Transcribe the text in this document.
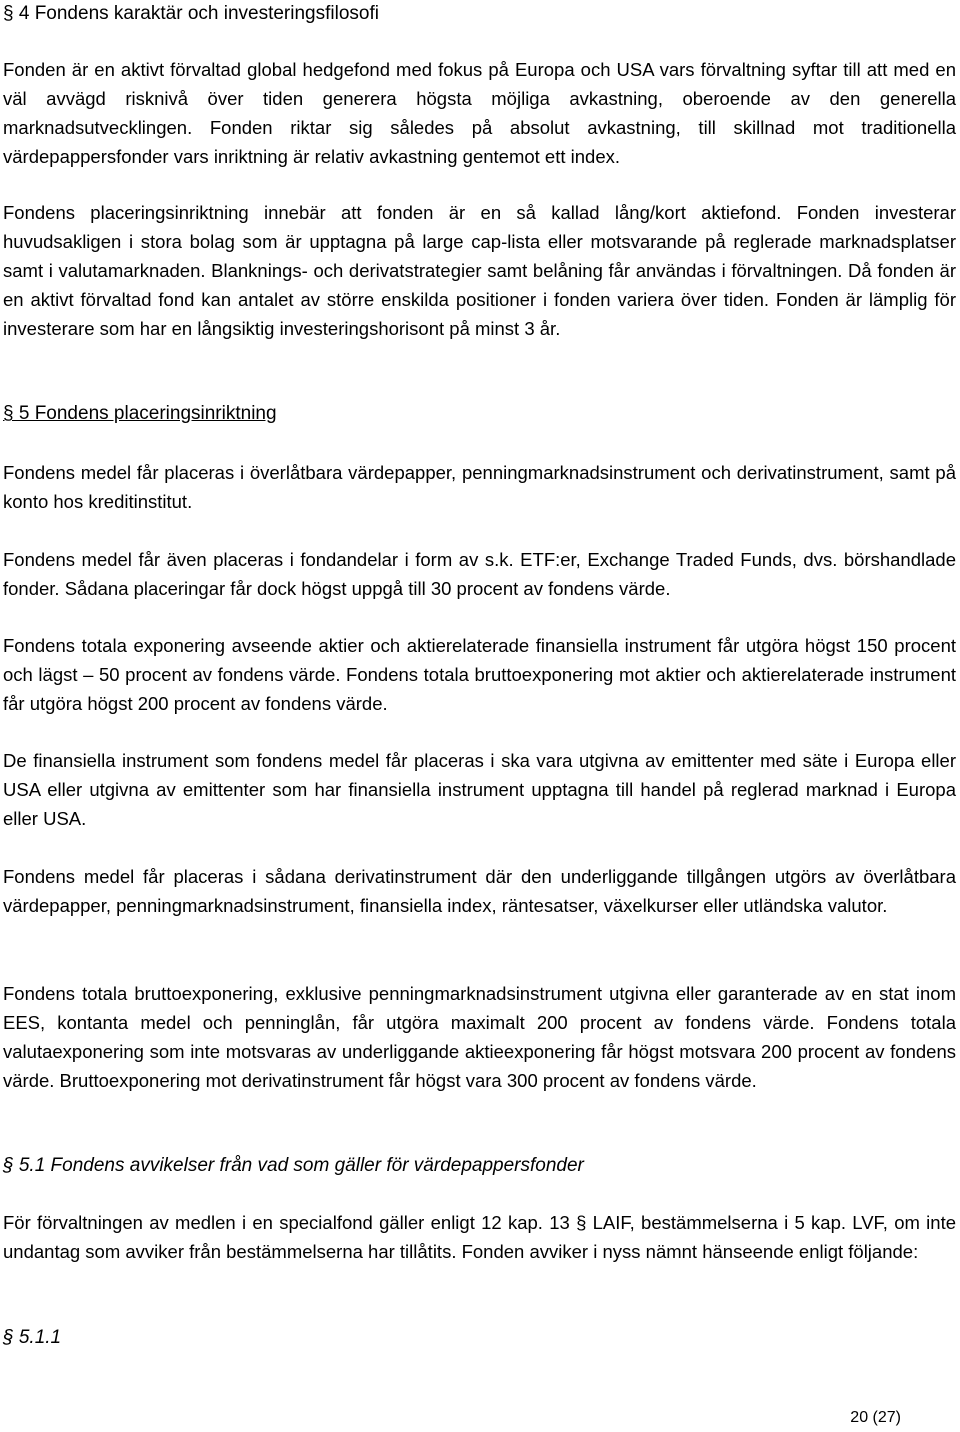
§ 4 Fondens karaktär och investeringsfilosofi

Fonden är en aktivt förvaltad global hedgefond med fokus på Europa och USA vars förvaltning syftar till att med en väl avvägd risknivå över tiden generera högsta möjliga avkastning, oberoende av den generella marknadsutvecklingen. Fonden riktar sig således på absolut avkastning, till skillnad mot traditionella värdepappersfonder vars inriktning är relativ avkastning gentemot ett index.

Fondens placeringsinriktning innebär att fonden är en så kallad lång/kort aktiefond. Fonden investerar huvudsakligen i stora bolag som är upptagna på large cap-lista eller motsvarande på reglerade marknadsplatser samt i valutamarknaden. Blanknings- och derivatstrategier samt belåning får användas i förvaltningen. Då fonden är en aktivt förvaltad fond kan antalet av större enskilda positioner i fonden variera över tiden. Fonden är lämplig för investerare som har en långsiktig investeringshorisont på minst 3 år.

§ 5 Fondens placeringsinriktning

Fondens medel får placeras i överlåtbara värdepapper, penningmarknadsinstrument och derivatinstrument, samt på konto hos kreditinstitut.

Fondens medel får även placeras i fondandelar i form av s.k. ETF:er, Exchange Traded Funds, dvs. börshandlade fonder. Sådana placeringar får dock högst uppgå till 30 procent av fondens värde.

Fondens totala exponering avseende aktier och aktierelaterade finansiella instrument får utgöra högst 150 procent och lägst – 50 procent av fondens värde. Fondens totala bruttoexponering mot aktier och aktierelaterade instrument får utgöra högst 200 procent av fondens värde.

De finansiella instrument som fondens medel får placeras i ska vara utgivna av emittenter med säte i Europa eller USA eller utgivna av emittenter som har finansiella instrument upptagna till handel på reglerad marknad i Europa eller USA.

Fondens medel får placeras i sådana derivatinstrument där den underliggande tillgången utgörs av överlåtbara värdepapper, penningmarknadsinstrument, finansiella index, räntesatser, växelkurser eller utländska valutor.

Fondens totala bruttoexponering, exklusive penningmarknadsinstrument utgivna eller garanterade av en stat inom EES, kontanta medel och penninglån, får utgöra maximalt 200 procent av fondens värde. Fondens totala valutaexponering som inte motsvaras av underliggande aktieexponering får högst motsvara 200 procent av fondens värde. Bruttoexponering mot derivatinstrument får högst vara 300 procent av fondens värde.

§ 5.1 Fondens avvikelser från vad som gäller för värdepappersfonder

För förvaltningen av medlen i en specialfond gäller enligt 12 kap. 13 § LAIF, bestämmelserna i 5 kap. LVF, om inte undantag som avviker från bestämmelserna har tillåtits. Fonden avviker i nyss nämnt hänseende enligt följande:

§ 5.1.1
20 (27)
